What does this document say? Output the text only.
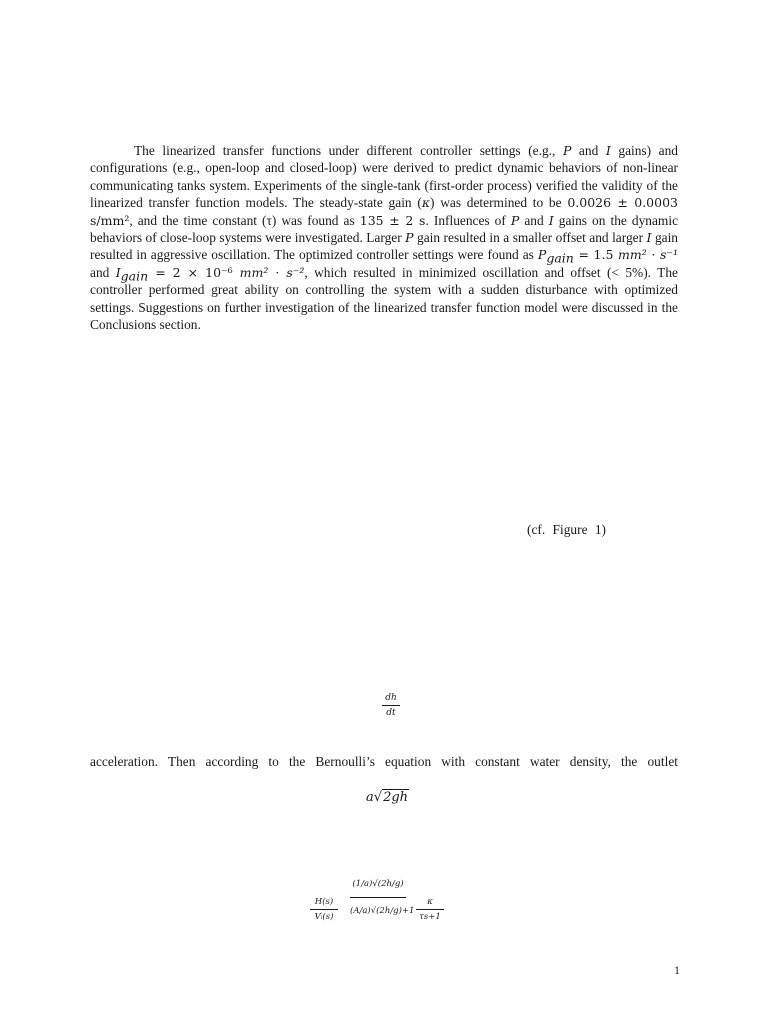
The linearized transfer functions under different controller settings (e.g., P and I gains) and configurations (e.g., open-loop and closed-loop) were derived to predict dynamic behaviors of non-linear communicating tanks system. Experiments of the single-tank (first-order process) verified the validity of the linearized transfer function models. The steady-state gain (κ) was determined to be 0.0026 ± 0.0003 s/mm², and the time constant (τ) was found as 135 ± 2 s. Influences of P and I gains on the dynamic behaviors of close-loop systems were investigated. Larger P gain resulted in a smaller offset and larger I gain resulted in aggressive oscillation. The optimized controller settings were found as $P_{gain} = 1.5$ mm² · s⁻¹ and $I_{gain} = 2 \times 10^{-6}$ mm² · s⁻², which resulted in minimized oscillation and offset (< 5%). The controller performed great ability on controlling the system with a sudden disturbance with optimized settings. Suggestions on further investigation of the linearized transfer function model were discussed in the Conclusions section.

(cf. Figure 1)
dh
dt
acceleration. Then according to the Bernoulli’s equation with constant water density, the outlet
a√2gh
H(s)
Vᵢ(s)
(1/a)√(2h/g)
(A/a)√(2h/g)+1
κ
τs+1
1
